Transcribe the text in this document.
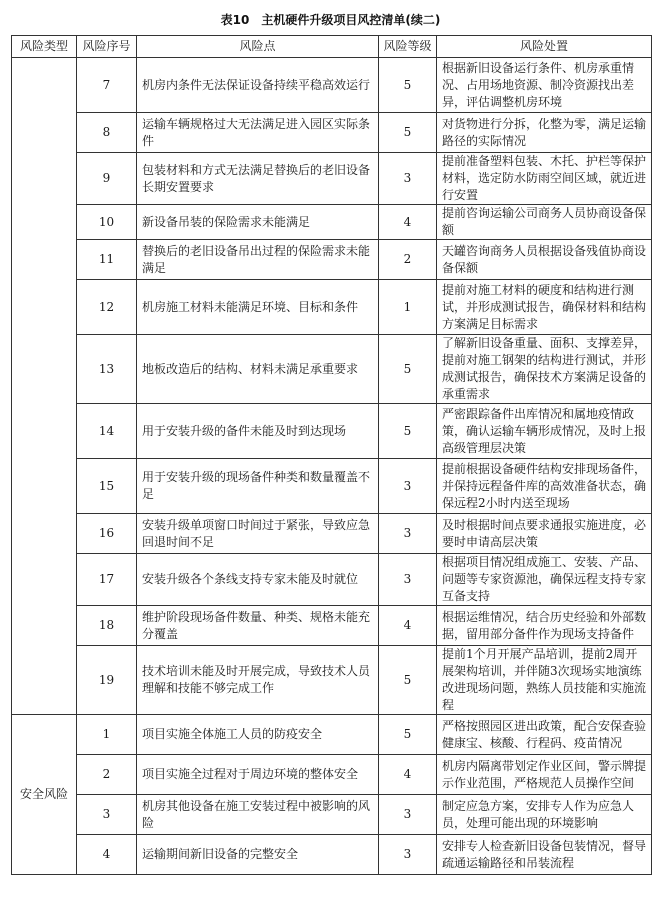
表10　主机硬件升级项目风控清单(续二)
风险类型	风险序号	风险点	风险等级	风险处置
	7	机房内条件无法保证设备持续平稳高效运行	5	根据新旧设备运行条件、机房承重情况、占用场地资源、制冷资源找出差异，评估调整机房环境
	8	运输车辆规格过大无法满足进入园区实际条件	5	对货物进行分拆，化整为零，满足运输路径的实际情况
	9	包装材料和方式无法满足替换后的老旧设备长期安置要求	3	提前准备塑料包装、木托、护栏等保护材料，选定防水防雨空间区域，就近进行安置
	10	新设备吊装的保险需求未能满足	4	提前咨询运输公司商务人员协商设备保额
	11	替换后的老旧设备吊出过程的保险需求未能满足	2	天罐咨询商务人员根据设备残值协商设备保额
	12	机房施工材料未能满足环境、目标和条件	1	提前对施工材料的硬度和结构进行测试，并形成测试报告，确保材料和结构方案满足目标需求
	13	地板改造后的结构、材料未满足承重要求	5	了解新旧设备重量、面积、支撑差异，提前对施工钢架的结构进行测试，并形成测试报告，确保技术方案满足设备的承重需求
	14	用于安装升级的备件未能及时到达现场	5	严密跟踪备件出库情况和属地疫情政策，确认运输车辆形成情况，及时上报高级管理层决策
	15	用于安装升级的现场备件种类和数量覆盖不足	3	提前根据设备硬件结构安排现场备件，并保持远程备件库的高效准备状态，确保远程2小时内送至现场
	16	安装升级单项窗口时间过于紧张，导致应急回退时间不足	3	及时根据时间点要求通报实施进度，必要时申请高层决策
	17	安装升级各个条线支持专家未能及时就位	3	根据项目情况组成施工、安装、产品、问题等专家资源池，确保远程支持专家互备支持
	18	维护阶段现场备件数量、种类、规格未能充分覆盖	4	根据运维情况，结合历史经验和外部数据，留用部分备件作为现场支持备件
	19	技术培训未能及时开展完成，导致技术人员理解和技能不够完成工作	5	提前1个月开展产品培训，提前2周开展架构培训，并伴随3次现场实地演练改进现场问题，熟练人员技能和实施流程
安全风险	1	项目实施全体施工人员的防疫安全	5	严格按照园区进出政策，配合安保查验健康宝、核酸、行程码、疫苗情况
	2	项目实施全过程对于周边环境的整体安全	4	机房内隔离带划定作业区间，警示牌提示作业范围，严格规范人员操作空间
	3	机房其他设备在施工安装过程中被影响的风险	3	制定应急方案，安排专人作为应急人员，处理可能出现的环境影响
	4	运输期间新旧设备的完整安全	3	安排专人检查新旧设备包装情况，督导疏通运输路径和吊装流程
